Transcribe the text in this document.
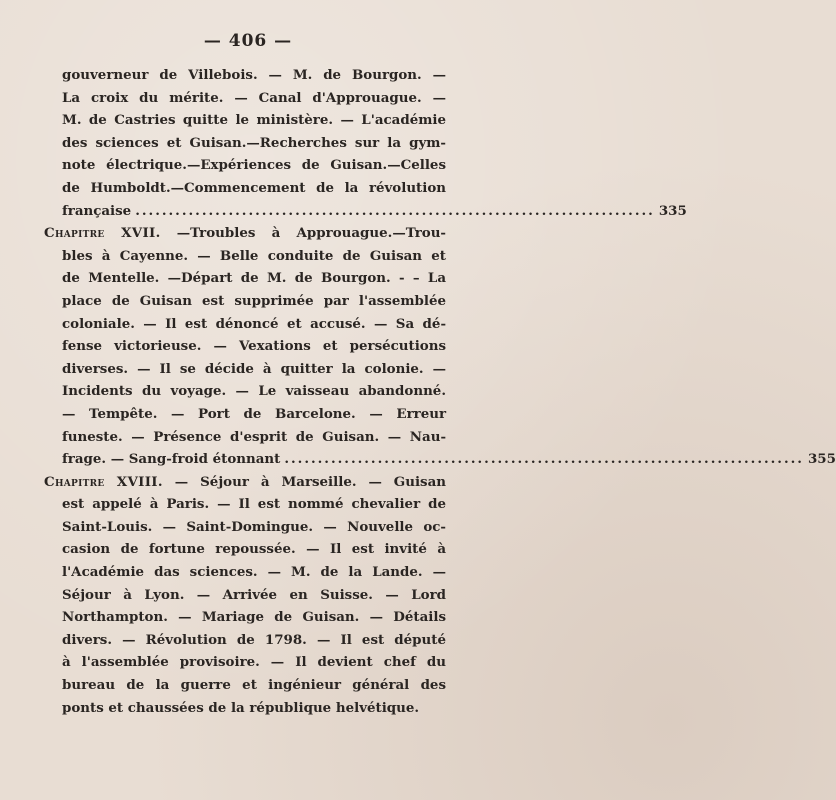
— 406 —
gouverneur de Villebois. — M. de Bourgon. —
La croix du mérite. — Canal d'Approuague. —
M. de Castries quitte le ministère. — L'académie
des sciences et Guisan.—Recherches sur la gym-
note électrique.—Expériences de Guisan.—Celles
de Humboldt.—Commencement de la révolution
française .............................................................................. 335
Chapitre XVII. —Troubles à Approuague.—Trou-
bles à Cayenne. — Belle conduite de Guisan et
de Mentelle. —Départ de M. de Bourgon. - – La
place de Guisan est supprimée par l'assemblée
coloniale. — Il est dénoncé et accusé. — Sa dé-
fense victorieuse. — Vexations et persécutions
diverses. — Il se décide à quitter la colonie. —
Incidents du voyage. — Le vaisseau abandonné.
— Tempête. — Port de Barcelone. — Erreur
funeste. — Présence d'esprit de Guisan. — Nau-
frage. — Sang-froid étonnant .............................................................................. 355
Chapitre XVIII. — Séjour à Marseille. — Guisan
est appelé à Paris. — Il est nommé chevalier de
Saint-Louis. — Saint-Domingue. — Nouvelle oc-
casion de fortune repoussée. — Il est invité à
l'Académie das sciences. — M. de la Lande. —
Séjour à Lyon. — Arrivée en Suisse. — Lord
Northampton. — Mariage de Guisan. — Détails
divers. — Révolution de 1798. — Il est député
à l'assemblée provisoire. — Il devient chef du
bureau de la guerre et ingénieur général des
ponts et chaussées de la république helvétique.
